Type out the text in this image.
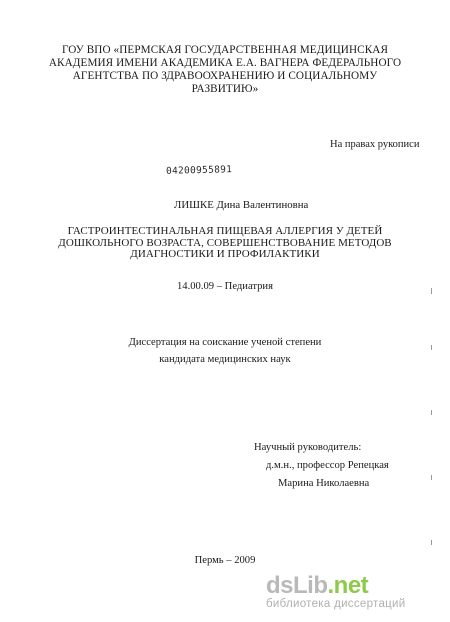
ГОУ ВПО «ПЕРМСКАЯ ГОСУДАРСТВЕННАЯ МЕДИЦИНСКАЯ
АКАДЕМИЯ ИМЕНИ АКАДЕМИКА Е.А. ВАГНЕРА ФЕДЕРАЛЬНОГО
АГЕНТСТВА ПО ЗДРАВООХРАНЕНИЮ И СОЦИАЛЬНОМУ
РАЗВИТИЮ»
На правах рукописи
04200955891
ЛИШКЕ Дина Валентиновна
ГАСТРОИНТЕСТИНАЛЬНАЯ ПИЩЕВАЯ АЛЛЕРГИЯ У ДЕТЕЙ
ДОШКОЛЬНОГО ВОЗРАСТА, СОВЕРШЕНСТВОВАНИЕ МЕТОДОВ
ДИАГНОСТИКИ И ПРОФИЛАКТИКИ
14.00.09 – Педиатрия
Диссертация на соискание ученой степени
кандидата медицинских наук
Научный руководитель:
д.м.н., профессор Репецкая
Марина Николаевна
Пермь – 2009
dsLib.net
библиотека диссертаций
